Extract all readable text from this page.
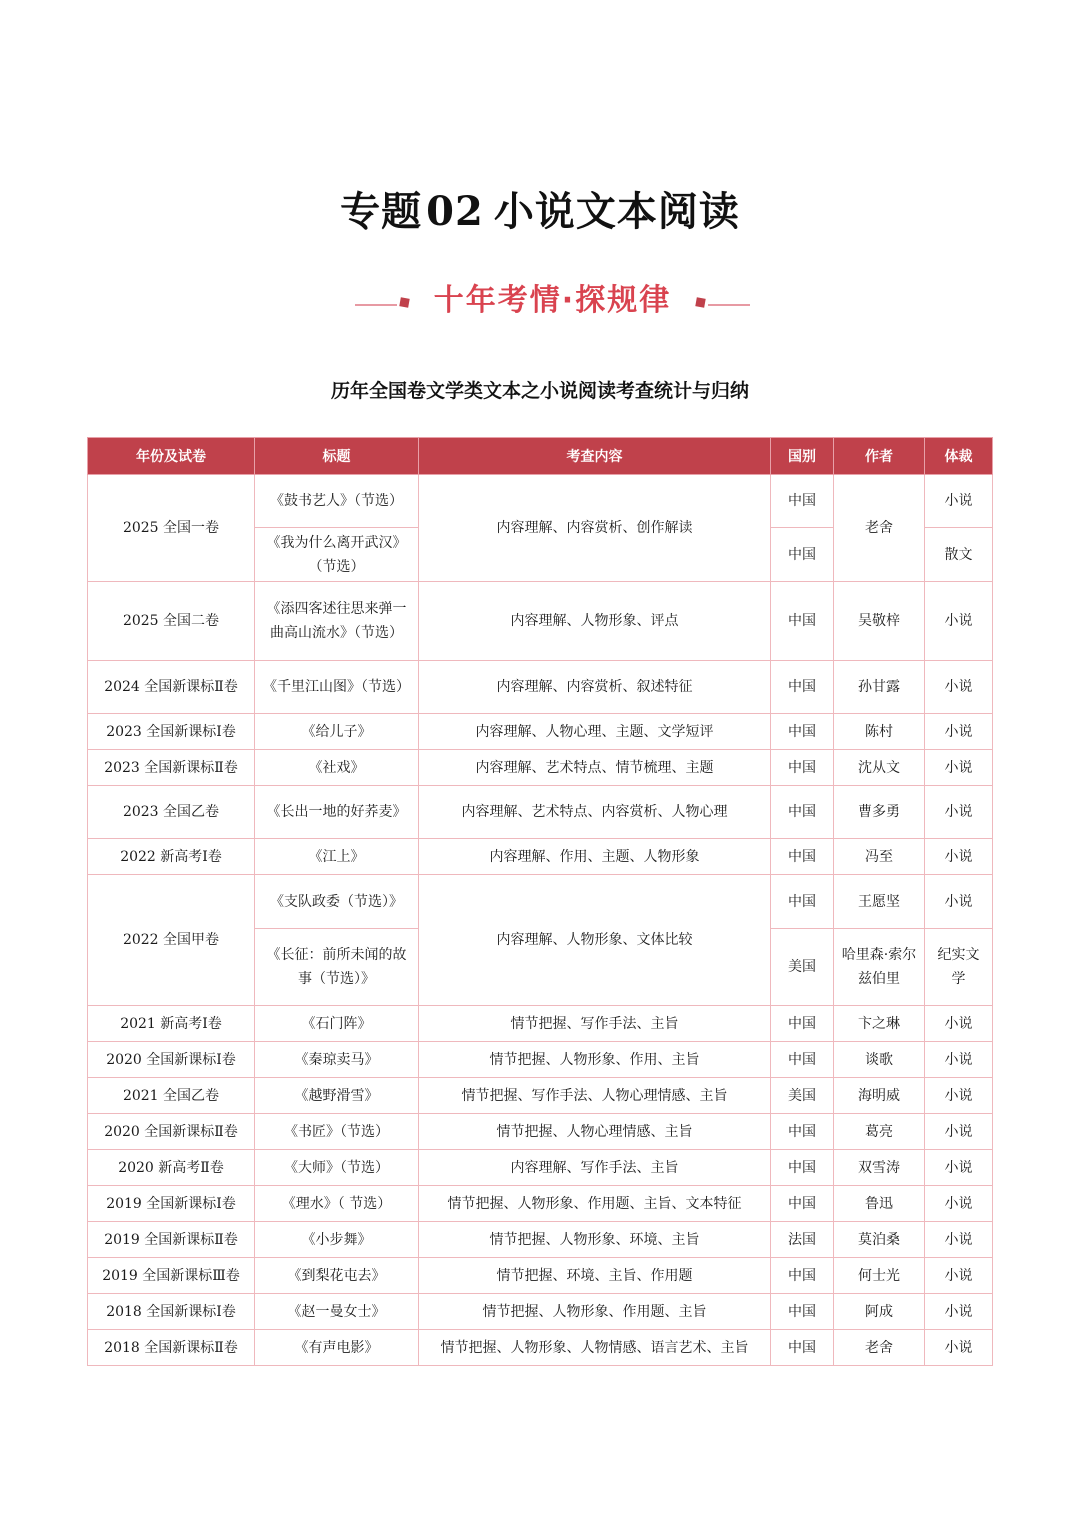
专题 02 小说文本阅读
十年考情·探规律
历年全国卷文学类文本之小说阅读考查统计与归纳
年份及试卷	标题	考查内容	国别	作者	体裁
2025 全国一卷	《鼓书艺人》（节选）	内容理解、内容赏析、创作解读	中国	老舍	小说
	《我为什么离开武汉》（节选）		中国		散文
2025 全国二卷	《添四客述往思来弹一曲高山流水》（节选）	内容理解、人物形象、评点	中国	吴敬梓	小说
2024 全国新课标Ⅱ卷	《千里江山图》（节选）	内容理解、内容赏析、叙述特征	中国	孙甘露	小说
2023 全国新课标Ⅰ卷	《给儿子》	内容理解、人物心理、主题、文学短评	中国	陈村	小说
2023 全国新课标Ⅱ卷	《社戏》	内容理解、艺术特点、情节梳理、主题	中国	沈从文	小说
2023 全国乙卷	《长出一地的好荞麦》	内容理解、艺术特点、内容赏析、人物心理	中国	曹多勇	小说
2022 新高考Ⅰ卷	《江上》	内容理解、作用、主题、人物形象	中国	冯至	小说
2022 全国甲卷	《支队政委（节选）》	内容理解、人物形象、文体比较	中国	王愿坚	小说
	《长征：前所未闻的故事（节选）》		美国	哈里森·索尔兹伯里	纪实文学
2021 新高考Ⅰ卷	《石门阵》	情节把握、写作手法、主旨	中国	卞之琳	小说
2020 全国新课标Ⅰ卷	《秦琼卖马》	情节把握、人物形象、作用、主旨	中国	谈歌	小说
2021 全国乙卷	《越野滑雪》	情节把握、写作手法、人物心理情感、主旨	美国	海明威	小说
2020 全国新课标Ⅱ卷	《书匠》（节选）	情节把握、人物心理情感、主旨	中国	葛亮	小说
2020 新高考Ⅱ卷	《大师》（节选）	内容理解、写作手法、主旨	中国	双雪涛	小说
2019 全国新课标Ⅰ卷	《理水》（ 节选）	情节把握、人物形象、作用题、主旨、文本特征	中国	鲁迅	小说
2019 全国新课标Ⅱ卷	《小步舞》	情节把握、人物形象、环境、主旨	法国	莫泊桑	小说
2019 全国新课标Ⅲ卷	《到梨花屯去》	情节把握、环境、主旨、作用题	中国	何士光	小说
2018 全国新课标Ⅰ卷	《赵一曼女士》	情节把握、人物形象、作用题、主旨	中国	阿成	小说
2018 全国新课标Ⅱ卷	《有声电影》	情节把握、人物形象、人物情感、语言艺术、主旨	中国	老舍	小说
